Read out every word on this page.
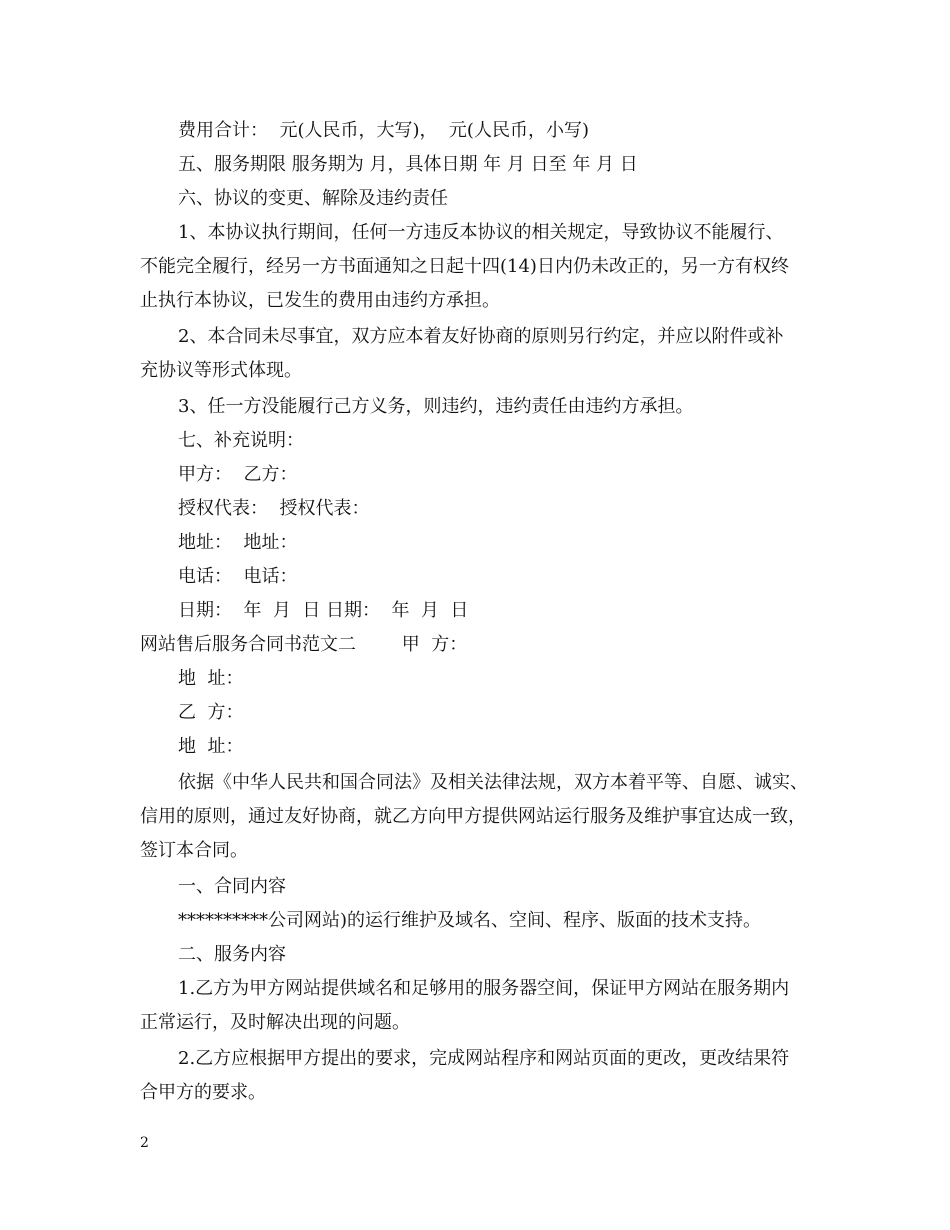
费用合计：  元(人民币，大写)，  元(人民币，小写)
五、服务期限 服务期为 月，具体日期 年 月 日至 年 月 日
六、协议的变更、解除及违约责任
1、本协议执行期间，任何一方违反本协议的相关规定，导致协议不能履行、
不能完全履行，经另一方书面通知之日起十四(14)日内仍未改正的，另一方有权终
止执行本协议，已发生的费用由违约方承担。
2、本合同未尽事宜，双方应本着友好协商的原则另行约定，并应以附件或补
充协议等形式体现。
3、任一方没能履行己方义务，则违约，违约责任由违约方承担。
七、补充说明：
甲方：  乙方：
授权代表：  授权代表：
地址：  地址：
电话：  电话：
日期：  年  月  日 日期：  年  月  日
网站售后服务合同书范文二        甲  方：
地  址：
乙  方：
地  址：
依据《中华人民共和国合同法》及相关法律法规，双方本着平等、自愿、诚实、
信用的原则，通过友好协商，就乙方向甲方提供网站运行服务及维护事宜达成一致，
签订本合同。
一、合同内容
**********公司网站)的运行维护及域名、空间、程序、版面的技术支持。
二、服务内容
1.乙方为甲方网站提供域名和足够用的服务器空间，保证甲方网站在服务期内
正常运行，及时解决出现的问题。
2.乙方应根据甲方提出的要求，完成网站程序和网站页面的更改，更改结果符
合甲方的要求。
2
